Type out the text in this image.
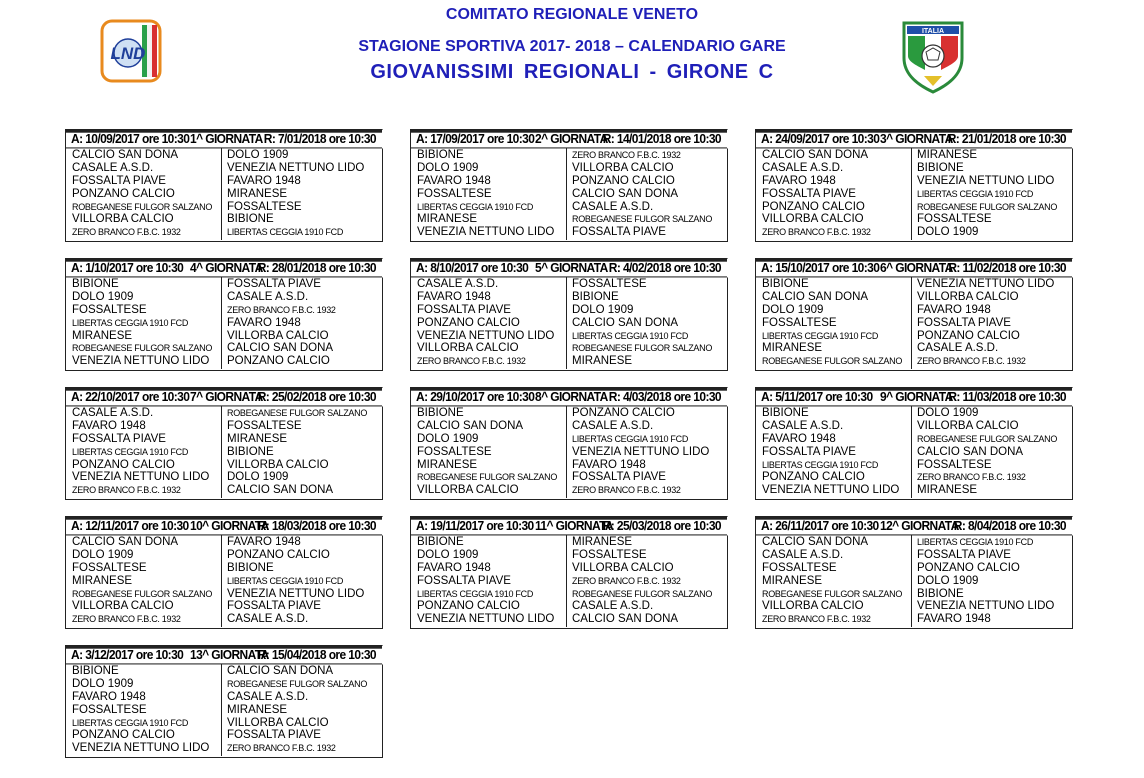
COMITATO REGIONALE VENETO
STAGIONE SPORTIVA 2017- 2018 – CALENDARIO GARE
GIOVANISSIMI REGIONALI - GIRONE C
LND
ITALIA
A: 10/09/2017 ore 10:30 1^ GIORNATA R: 7/01/2018 ore 10:30
CALCIO SAN DONA
CASALE A.S.D.
FOSSALTA PIAVE
PONZANO CALCIO
ROBEGANESE FULGOR SALZANO
VILLORBA CALCIO
ZERO BRANCO F.B.C. 1932
DOLO 1909
VENEZIA NETTUNO LIDO
FAVARO 1948
MIRANESE
FOSSALTESE
BIBIONE
LIBERTAS CEGGIA 1910 FCD
A: 17/09/2017 ore 10:30 2^ GIORNATA
R: 14/01/2018 ore 10:30
BIBIONE
DOLO 1909
FAVARO 1948
FOSSALTESE
LIBERTAS CEGGIA 1910 FCD
MIRANESE
VENEZIA NETTUNO LIDO
ZERO BRANCO F.B.C. 1932
VILLORBA CALCIO
PONZANO CALCIO
CALCIO SAN DONA
CASALE A.S.D.
ROBEGANESE FULGOR SALZANO
FOSSALTA PIAVE
A: 24/09/2017 ore 10:30 3^ GIORNATA
R: 21/01/2018 ore 10:30
CALCIO SAN DONA
CASALE A.S.D.
FAVARO 1948
FOSSALTA PIAVE
PONZANO CALCIO
VILLORBA CALCIO
ZERO BRANCO F.B.C. 1932
MIRANESE
BIBIONE
VENEZIA NETTUNO LIDO
LIBERTAS CEGGIA 1910 FCD
ROBEGANESE FULGOR SALZANO
FOSSALTESE
DOLO 1909
A: 1/10/2017 ore 10:30 4^ GIORNATA
R: 28/01/2018 ore 10:30
BIBIONE
DOLO 1909
FOSSALTESE
LIBERTAS CEGGIA 1910 FCD
MIRANESE
ROBEGANESE FULGOR SALZANO
VENEZIA NETTUNO LIDO
FOSSALTA PIAVE
CASALE A.S.D.
ZERO BRANCO F.B.C. 1932
FAVARO 1948
VILLORBA CALCIO
CALCIO SAN DONA
PONZANO CALCIO
A: 8/10/2017 ore 10:30 5^ GIORNATA R: 4/02/2018 ore 10:30
CASALE A.S.D.
FAVARO 1948
FOSSALTA PIAVE
PONZANO CALCIO
VENEZIA NETTUNO LIDO
VILLORBA CALCIO
ZERO BRANCO F.B.C. 1932
FOSSALTESE
BIBIONE
DOLO 1909
CALCIO SAN DONA
LIBERTAS CEGGIA 1910 FCD
ROBEGANESE FULGOR SALZANO
MIRANESE
A: 15/10/2017 ore 10:30 6^ GIORNATA
R: 11/02/2018 ore 10:30
BIBIONE
CALCIO SAN DONA
DOLO 1909
FOSSALTESE
LIBERTAS CEGGIA 1910 FCD
MIRANESE
ROBEGANESE FULGOR SALZANO
VENEZIA NETTUNO LIDO
VILLORBA CALCIO
FAVARO 1948
FOSSALTA PIAVE
PONZANO CALCIO
CASALE A.S.D.
ZERO BRANCO F.B.C. 1932
A: 22/10/2017 ore 10:30 7^ GIORNATA
R: 25/02/2018 ore 10:30
CASALE A.S.D.
FAVARO 1948
FOSSALTA PIAVE
LIBERTAS CEGGIA 1910 FCD
PONZANO CALCIO
VENEZIA NETTUNO LIDO
ZERO BRANCO F.B.C. 1932
ROBEGANESE FULGOR SALZANO
FOSSALTESE
MIRANESE
BIBIONE
VILLORBA CALCIO
DOLO 1909
CALCIO SAN DONA
A: 29/10/2017 ore 10:30 8^ GIORNATA R: 4/03/2018 ore 10:30
BIBIONE
CALCIO SAN DONA
DOLO 1909
FOSSALTESE
MIRANESE
ROBEGANESE FULGOR SALZANO
VILLORBA CALCIO
PONZANO CALCIO
CASALE A.S.D.
LIBERTAS CEGGIA 1910 FCD
VENEZIA NETTUNO LIDO
FAVARO 1948
FOSSALTA PIAVE
ZERO BRANCO F.B.C. 1932
A: 5/11/2017 ore 10:30 9^ GIORNATA
R: 11/03/2018 ore 10:30
BIBIONE
CASALE A.S.D.
FAVARO 1948
FOSSALTA PIAVE
LIBERTAS CEGGIA 1910 FCD
PONZANO CALCIO
VENEZIA NETTUNO LIDO
DOLO 1909
VILLORBA CALCIO
ROBEGANESE FULGOR SALZANO
CALCIO SAN DONA
FOSSALTESE
ZERO BRANCO F.B.C. 1932
MIRANESE
A: 12/11/2017 ore 10:30 10^ GIORNATA
R: 18/03/2018 ore 10:30
CALCIO SAN DONA
DOLO 1909
FOSSALTESE
MIRANESE
ROBEGANESE FULGOR SALZANO
VILLORBA CALCIO
ZERO BRANCO F.B.C. 1932
FAVARO 1948
PONZANO CALCIO
BIBIONE
LIBERTAS CEGGIA 1910 FCD
VENEZIA NETTUNO LIDO
FOSSALTA PIAVE
CASALE A.S.D.
A: 19/11/2017 ore 10:30 11^ GIORNATA
R: 25/03/2018 ore 10:30
BIBIONE
DOLO 1909
FAVARO 1948
FOSSALTA PIAVE
LIBERTAS CEGGIA 1910 FCD
PONZANO CALCIO
VENEZIA NETTUNO LIDO
MIRANESE
FOSSALTESE
VILLORBA CALCIO
ZERO BRANCO F.B.C. 1932
ROBEGANESE FULGOR SALZANO
CASALE A.S.D.
CALCIO SAN DONA
A: 26/11/2017 ore 10:30 12^ GIORNATA
R: 8/04/2018 ore 10:30
CALCIO SAN DONA
CASALE A.S.D.
FOSSALTESE
MIRANESE
ROBEGANESE FULGOR SALZANO
VILLORBA CALCIO
ZERO BRANCO F.B.C. 1932
LIBERTAS CEGGIA 1910 FCD
FOSSALTA PIAVE
PONZANO CALCIO
DOLO 1909
BIBIONE
VENEZIA NETTUNO LIDO
FAVARO 1948
A: 3/12/2017 ore 10:30 13^ GIORNATA
R: 15/04/2018 ore 10:30
BIBIONE
DOLO 1909
FAVARO 1948
FOSSALTESE
LIBERTAS CEGGIA 1910 FCD
PONZANO CALCIO
VENEZIA NETTUNO LIDO
CALCIO SAN DONA
ROBEGANESE FULGOR SALZANO
CASALE A.S.D.
MIRANESE
VILLORBA CALCIO
FOSSALTA PIAVE
ZERO BRANCO F.B.C. 1932
